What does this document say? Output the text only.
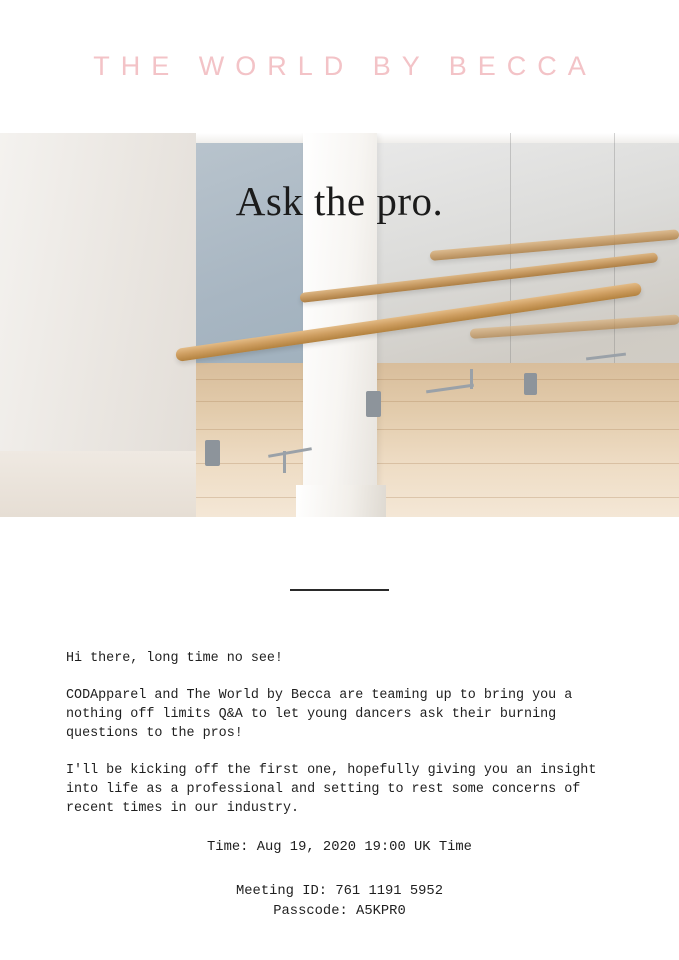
THE WORLD BY BECCA
Ask the pro.

Hi there, long time no see!

CODApparel and The World by Becca are teaming up to bring you a nothing off limits Q&A to let young dancers ask their burning questions to the pros!

I'll be kicking off the first one, hopefully giving you an insight into life as a professional and setting to rest some concerns of recent times in our industry.

Time: Aug 19, 2020 19:00 UK Time

Meeting ID: 761 1191 5952

Passcode: A5KPR0
